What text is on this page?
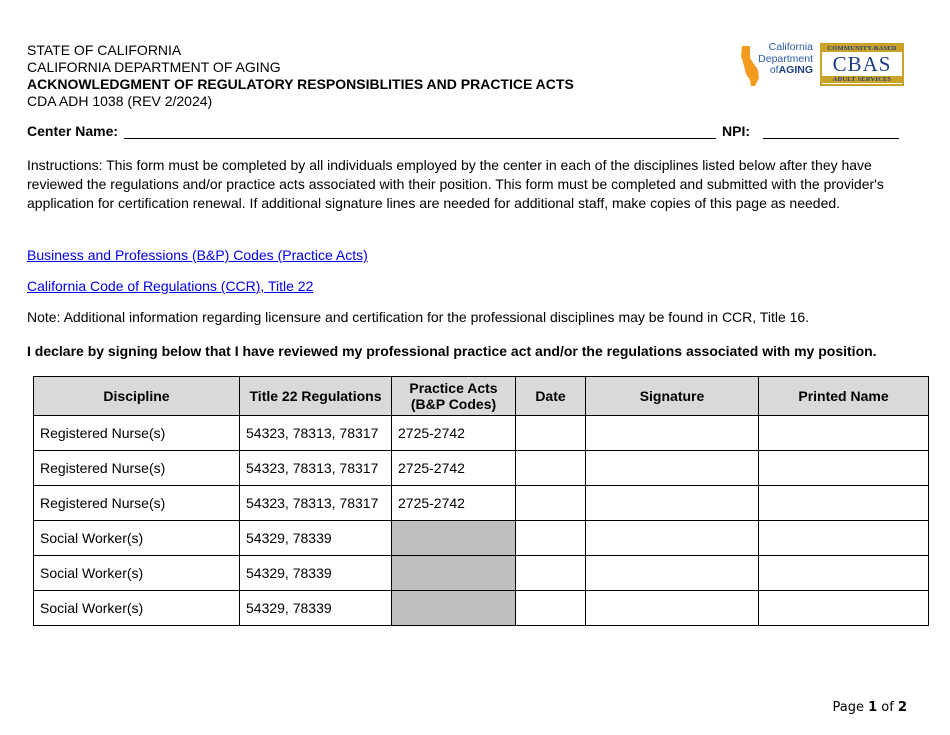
STATE OF CALIFORNIA
CALIFORNIA DEPARTMENT OF AGING
ACKNOWLEDGMENT OF REGULATORY RESPONSIBLITIES AND PRACTICE ACTS
CDA ADH 1038 (REV 2/2024)
California
Department
ofAGING
COMMUNITY-BASED
CBAS
ADULT SERVICES
Center Name:	NPI:
Instructions: This form must be completed by all individuals employed by the center in each of the disciplines listed below after they have reviewed the regulations and/or practice acts associated with their position. This form must be completed and submitted with the provider's application for certification renewal. If additional signature lines are needed for additional staff, make copies of this page as needed.
Business and Professions (B&P) Codes (Practice Acts)
California Code of Regulations (CCR), Title 22
Note: Additional information regarding licensure and certification for the professional disciplines may be found in CCR, Title 16.
I declare by signing below that I have reviewed my professional practice act and/or the regulations associated with my position.
Discipline	Title 22 Regulations	Practice Acts
(B&P Codes)	Date	Signature	Printed Name
Registered Nurse(s)	54323, 78313, 78317	2725-2742			
Registered Nurse(s)	54323, 78313, 78317	2725-2742			
Registered Nurse(s)	54323, 78313, 78317	2725-2742			
Social Worker(s)	54329, 78339				
Social Worker(s)	54329, 78339				
Social Worker(s)	54329, 78339				
Page 1 of 2
